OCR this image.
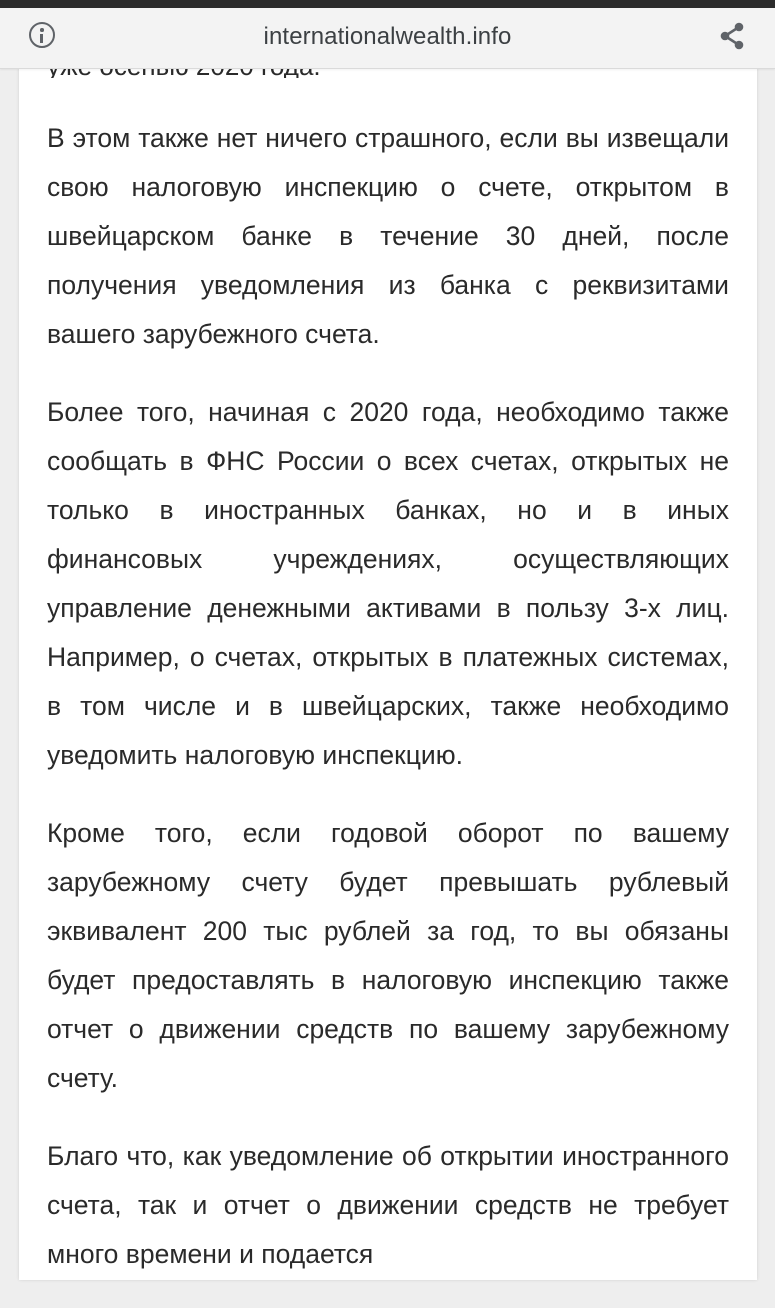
В этом также нет ничего страшного, если вы извещали свою налоговую инспекцию о счете, открытом в швейцарском банке в течение 30 дней, после получения уведомления из банка с реквизитами вашего зарубежного счета.

Более того, начиная с 2020 года, необходимо также сообщать в ФНС России о всех счетах, открытых не только в иностранных банках, но и в иных финансовых учреждениях, осуществляющих управление денежными активами в пользу 3-х лиц. Например, о счетах, открытых в платежных системах, в том числе и в швейцарских, также необходимо уведомить налоговую инспекцию.

Кроме того, если годовой оборот по вашему зарубежному счету будет превышать рублевый эквивалент 200 тыс рублей за год, то вы обязаны будет предоставлять в налоговую инспекцию также отчет о движении средств по вашему зарубежному счету.

Благо что, как уведомление об открытии иностранного счета, так и отчет о движении средств не требует много времени и подается

internationalwealth.info
